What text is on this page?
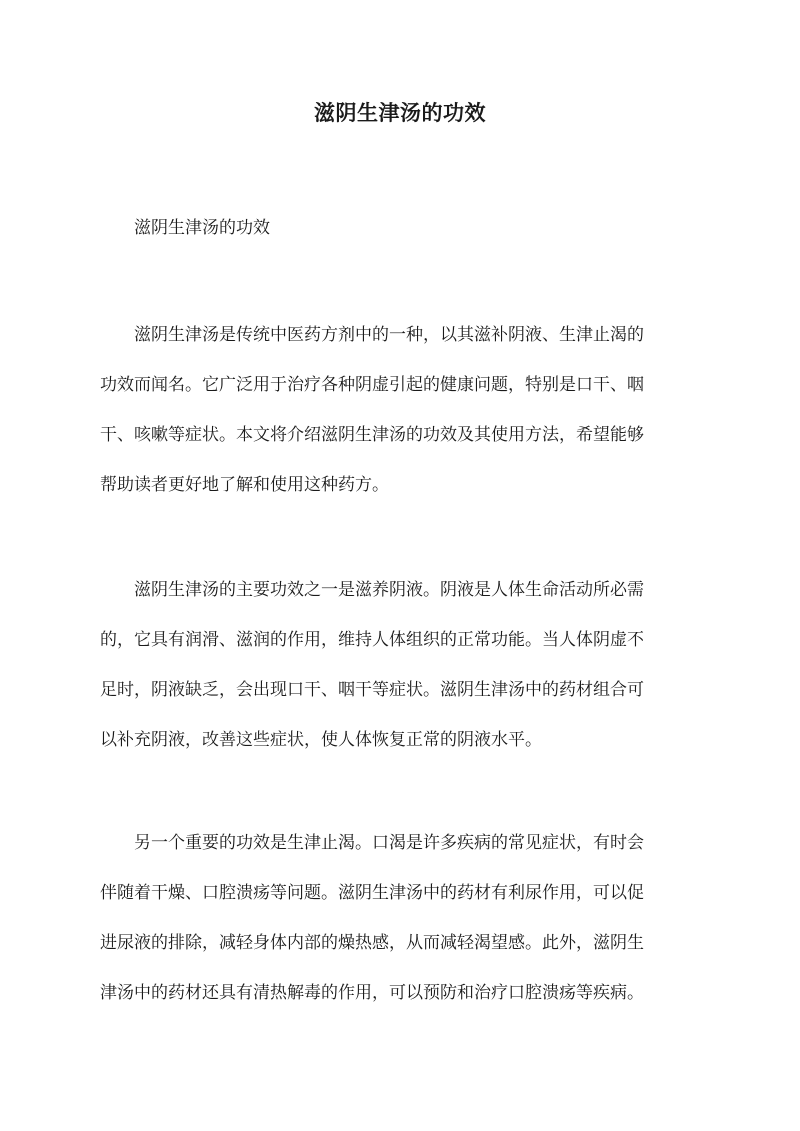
滋阴生津汤的功效
滋阴生津汤的功效
滋阴生津汤是传统中医药方剂中的一种，以其滋补阴液、生津止渴的
功效而闻名。它广泛用于治疗各种阴虚引起的健康问题，特别是口干、咽
干、咳嗽等症状。本文将介绍滋阴生津汤的功效及其使用方法，希望能够
帮助读者更好地了解和使用这种药方。
滋阴生津汤的主要功效之一是滋养阴液。阴液是人体生命活动所必需
的，它具有润滑、滋润的作用，维持人体组织的正常功能。当人体阴虚不
足时，阴液缺乏，会出现口干、咽干等症状。滋阴生津汤中的药材组合可
以补充阴液，改善这些症状，使人体恢复正常的阴液水平。
另一个重要的功效是生津止渴。口渴是许多疾病的常见症状，有时会
伴随着干燥、口腔溃疡等问题。滋阴生津汤中的药材有利尿作用，可以促
进尿液的排除，减轻身体内部的燥热感，从而减轻渴望感。此外，滋阴生
津汤中的药材还具有清热解毒的作用，可以预防和治疗口腔溃疡等疾病。
